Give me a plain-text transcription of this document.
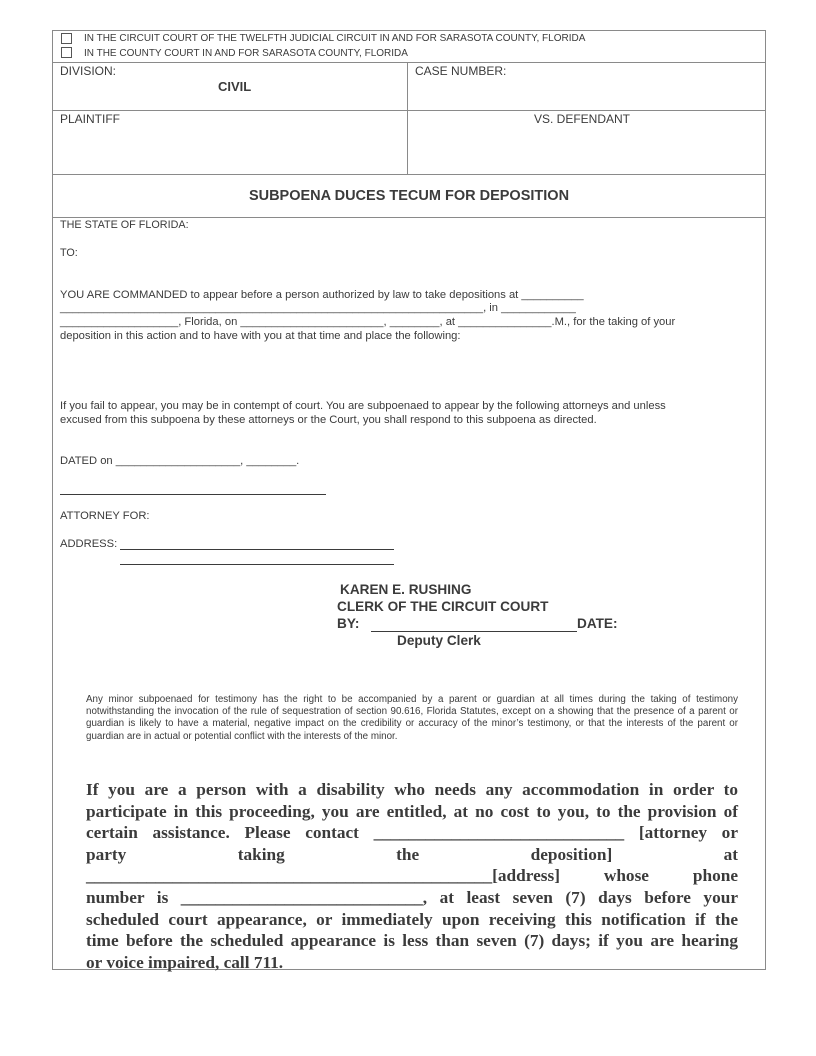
IN THE CIRCUIT COURT OF THE TWELFTH JUDICIAL CIRCUIT IN AND FOR SARASOTA COUNTY, FLORIDA
IN THE COUNTY COURT IN AND FOR SARASOTA COUNTY, FLORIDA
DIVISION:
CIVIL
CASE NUMBER:
PLAINTIFF	VS. DEFENDANT
SUBPOENA DUCES TECUM FOR DEPOSITION
THE STATE OF FLORIDA:
TO:
YOU ARE COMMANDED to appear before a person authorized by law to take depositions at __________
____________________________________________________________________, in ____________
___________________, Florida, on _______________________, ________, at _______________.M., for the taking of your
deposition in this action and to have with you at that time and place the following:
If you fail to appear, you may be in contempt of court. You are subpoenaed to appear by the following attorneys and unless
excused from this subpoena by these attorneys or the Court, you shall respond to this subpoena as directed.
DATED on ____________________, ________.
ATTORNEY FOR:
ADDRESS:
KAREN E. RUSHING
CLERK OF THE CIRCUIT COURT
BY:	DATE:
Deputy Clerk
Any minor subpoenaed for testimony has the right to be accompanied by a parent or guardian at all times during the taking of testimony notwithstanding the invocation of the rule of sequestration of section 90.616, Florida Statutes, except on a showing that the presence of a parent or guardian is likely to have a material, negative impact on the credibility or accuracy of the minor’s testimony, or that the interests of the parent or guardian are in actual or potential conflict with the interests of the minor.
If you are a person with a disability who needs any accommodation in order to
participate in this proceeding, you are entitled, at no cost to you, to the provision of
certain assistance. Please contact _____________________________ [attorney or
party taking the deposition] at
_______________________________________________[address] whose phone
number is ____________________________, at least seven (7) days before your
scheduled court appearance, or immediately upon receiving this notification if the
time before the scheduled appearance is less than seven (7) days; if you are hearing
or voice impaired, call 711.
